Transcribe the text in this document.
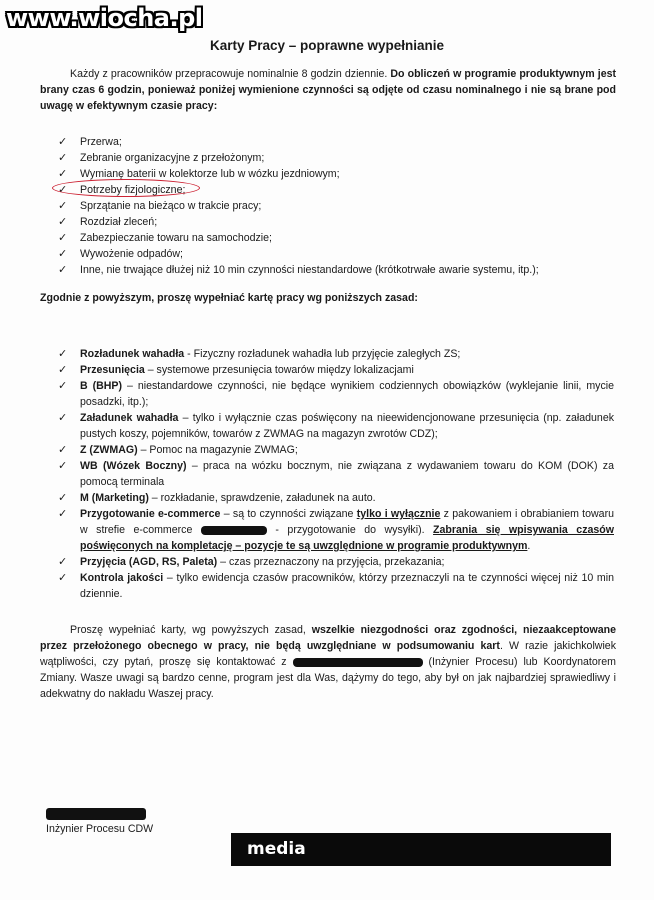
www.wiocha.pl
Karty Pracy – poprawne wypełnianie
Każdy z pracowników przepracowuje nominalnie 8 godzin dziennie. Do obliczeń w programie produktywnym jest brany czas 6 godzin, ponieważ poniżej wymienione czynności są odjęte od czasu nominalnego i nie są brane pod uwagę w efektywnym czasie pracy:
✓ Przerwa;
✓ Zebranie organizacyjne z przełożonym;
✓ Wymianę baterii w kolektorze lub w wózku jezdniowym;
✓ Potrzeby fizjologiczne;
✓ Sprzątanie na bieżąco w trakcie pracy;
✓ Rozdział zleceń;
✓ Zabezpieczanie towaru na samochodzie;
✓ Wywożenie odpadów;
✓ Inne, nie trwające dłużej niż 10 min czynności niestandardowe (krótkotrwałe awarie systemu, itp.);
Zgodnie z powyższym, proszę wypełniać kartę pracy wg poniższych zasad:
✓ Rozładunek wahadła - Fizyczny rozładunek wahadła lub przyjęcie zaległych ZS;
✓ Przesunięcia – systemowe przesunięcia towarów między lokalizacjami
✓ B (BHP) – niestandardowe czynności, nie będące wynikiem codziennych obowiązków (wyklejanie linii, mycie posadzki, itp.);
✓ Załadunek wahadła – tylko i wyłącznie czas poświęcony na nieewidencjonowane przesunięcia (np. załadunek pustych koszy, pojemników, towarów z ZWMAG na magazyn zwrotów CDZ);
✓ Z (ZWMAG) – Pomoc na magazynie ZWMAG;
✓ WB (Wózek Boczny) – praca na wózku bocznym, nie związana z wydawaniem towaru do KOM (DOK) za pomocą terminala
✓ M (Marketing) – rozkładanie, sprawdzenie, załadunek na auto.
✓ Przygotowanie e-commerce – są to czynności związane tylko i wyłącznie z pakowaniem i obrabianiem towaru w strefie e-commerce	- przygotowanie do wysyłki). Zabrania się wpisywania czasów poświęconych na kompletację – pozycje te są uwzględnione w programie produktywnym.
✓ Przyjęcia (AGD, RS, Paleta) – czas przeznaczony na przyjęcia, przekazania;
✓ Kontrola jakości – tylko ewidencja czasów pracowników, którzy przeznaczyli na te czynności więcej niż 10 min dziennie.
Proszę wypełniać karty, wg powyższych zasad, wszelkie niezgodności oraz zgodności, niezaakceptowane przez przełożonego obecnego w pracy, nie będą uwzględniane w podsumowaniu kart. W razie jakichkolwiek wątpliwości, czy pytań, proszę się kontaktować z	(Inżynier Procesu) lub Koordynatorem Zmiany. Wasze uwagi są bardzo cenne, program jest dla Was, dążymy do tego, aby był on jak najbardziej sprawiedliwy i adekwatny do nakładu Waszej pracy.
Inżynier Procesu CDW
media
